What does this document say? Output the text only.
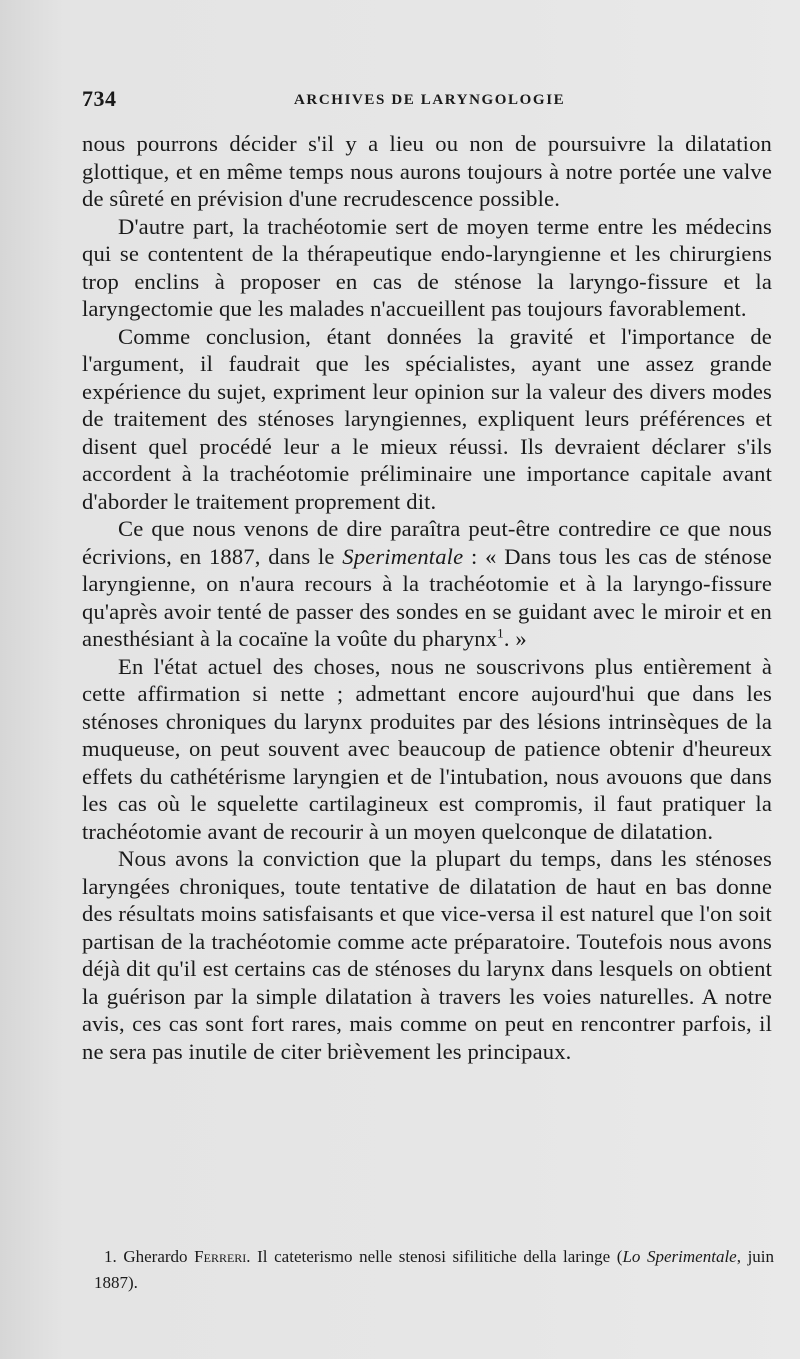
734	ARCHIVES DE LARYNGOLOGIE

nous pourrons décider s'il y a lieu ou non de poursuivre la dilatation glottique, et en même temps nous aurons toujours à notre portée une valve de sûreté en prévision d'une recrudescence possible.

D'autre part, la trachéotomie sert de moyen terme entre les médecins qui se contentent de la thérapeutique endo-laryngienne et les chirurgiens trop enclins à proposer en cas de sténose la laryngo-fissure et la laryngectomie que les malades n'accueillent pas toujours favorablement.

Comme conclusion, étant données la gravité et l'importance de l'argument, il faudrait que les spécialistes, ayant une assez grande expérience du sujet, expriment leur opinion sur la valeur des divers modes de traitement des sténoses laryngiennes, expliquent leurs préférences et disent quel procédé leur a le mieux réussi. Ils devraient déclarer s'ils accordent à la trachéotomie préliminaire une importance capitale avant d'aborder le traitement proprement dit.

Ce que nous venons de dire paraîtra peut-être contredire ce que nous écrivions, en 1887, dans le Sperimentale : « Dans tous les cas de sténose laryngienne, on n'aura recours à la trachéotomie et à la laryngo-fissure qu'après avoir tenté de passer des sondes en se guidant avec le miroir et en anesthésiant à la cocaïne la voûte du pharynx$^1$. »

En l'état actuel des choses, nous ne souscrivons plus entièrement à cette affirmation si nette ; admettant encore aujourd'hui que dans les sténoses chroniques du larynx produites par des lésions intrinsèques de la muqueuse, on peut souvent avec beaucoup de patience obtenir d'heureux effets du cathétérisme laryngien et de l'intubation, nous avouons que dans les cas où le squelette cartilagineux est compromis, il faut pratiquer la trachéotomie avant de recourir à un moyen quelconque de dilatation.

Nous avons la conviction que la plupart du temps, dans les sténoses laryngées chroniques, toute tentative de dilatation de haut en bas donne des résultats moins satisfaisants et que vice-versa il est naturel que l'on soit partisan de la trachéotomie comme acte préparatoire. Toutefois nous avons déjà dit qu'il est certains cas de sténoses du larynx dans lesquels on obtient la guérison par la simple dilatation à travers les voies naturelles. A notre avis, ces cas sont fort rares, mais comme on peut en rencontrer parfois, il ne sera pas inutile de citer brièvement les principaux.

1. Gherardo Ferreri. Il cateterismo nelle stenosi sifilitiche della laringe (Lo Sperimentale, juin 1887).
